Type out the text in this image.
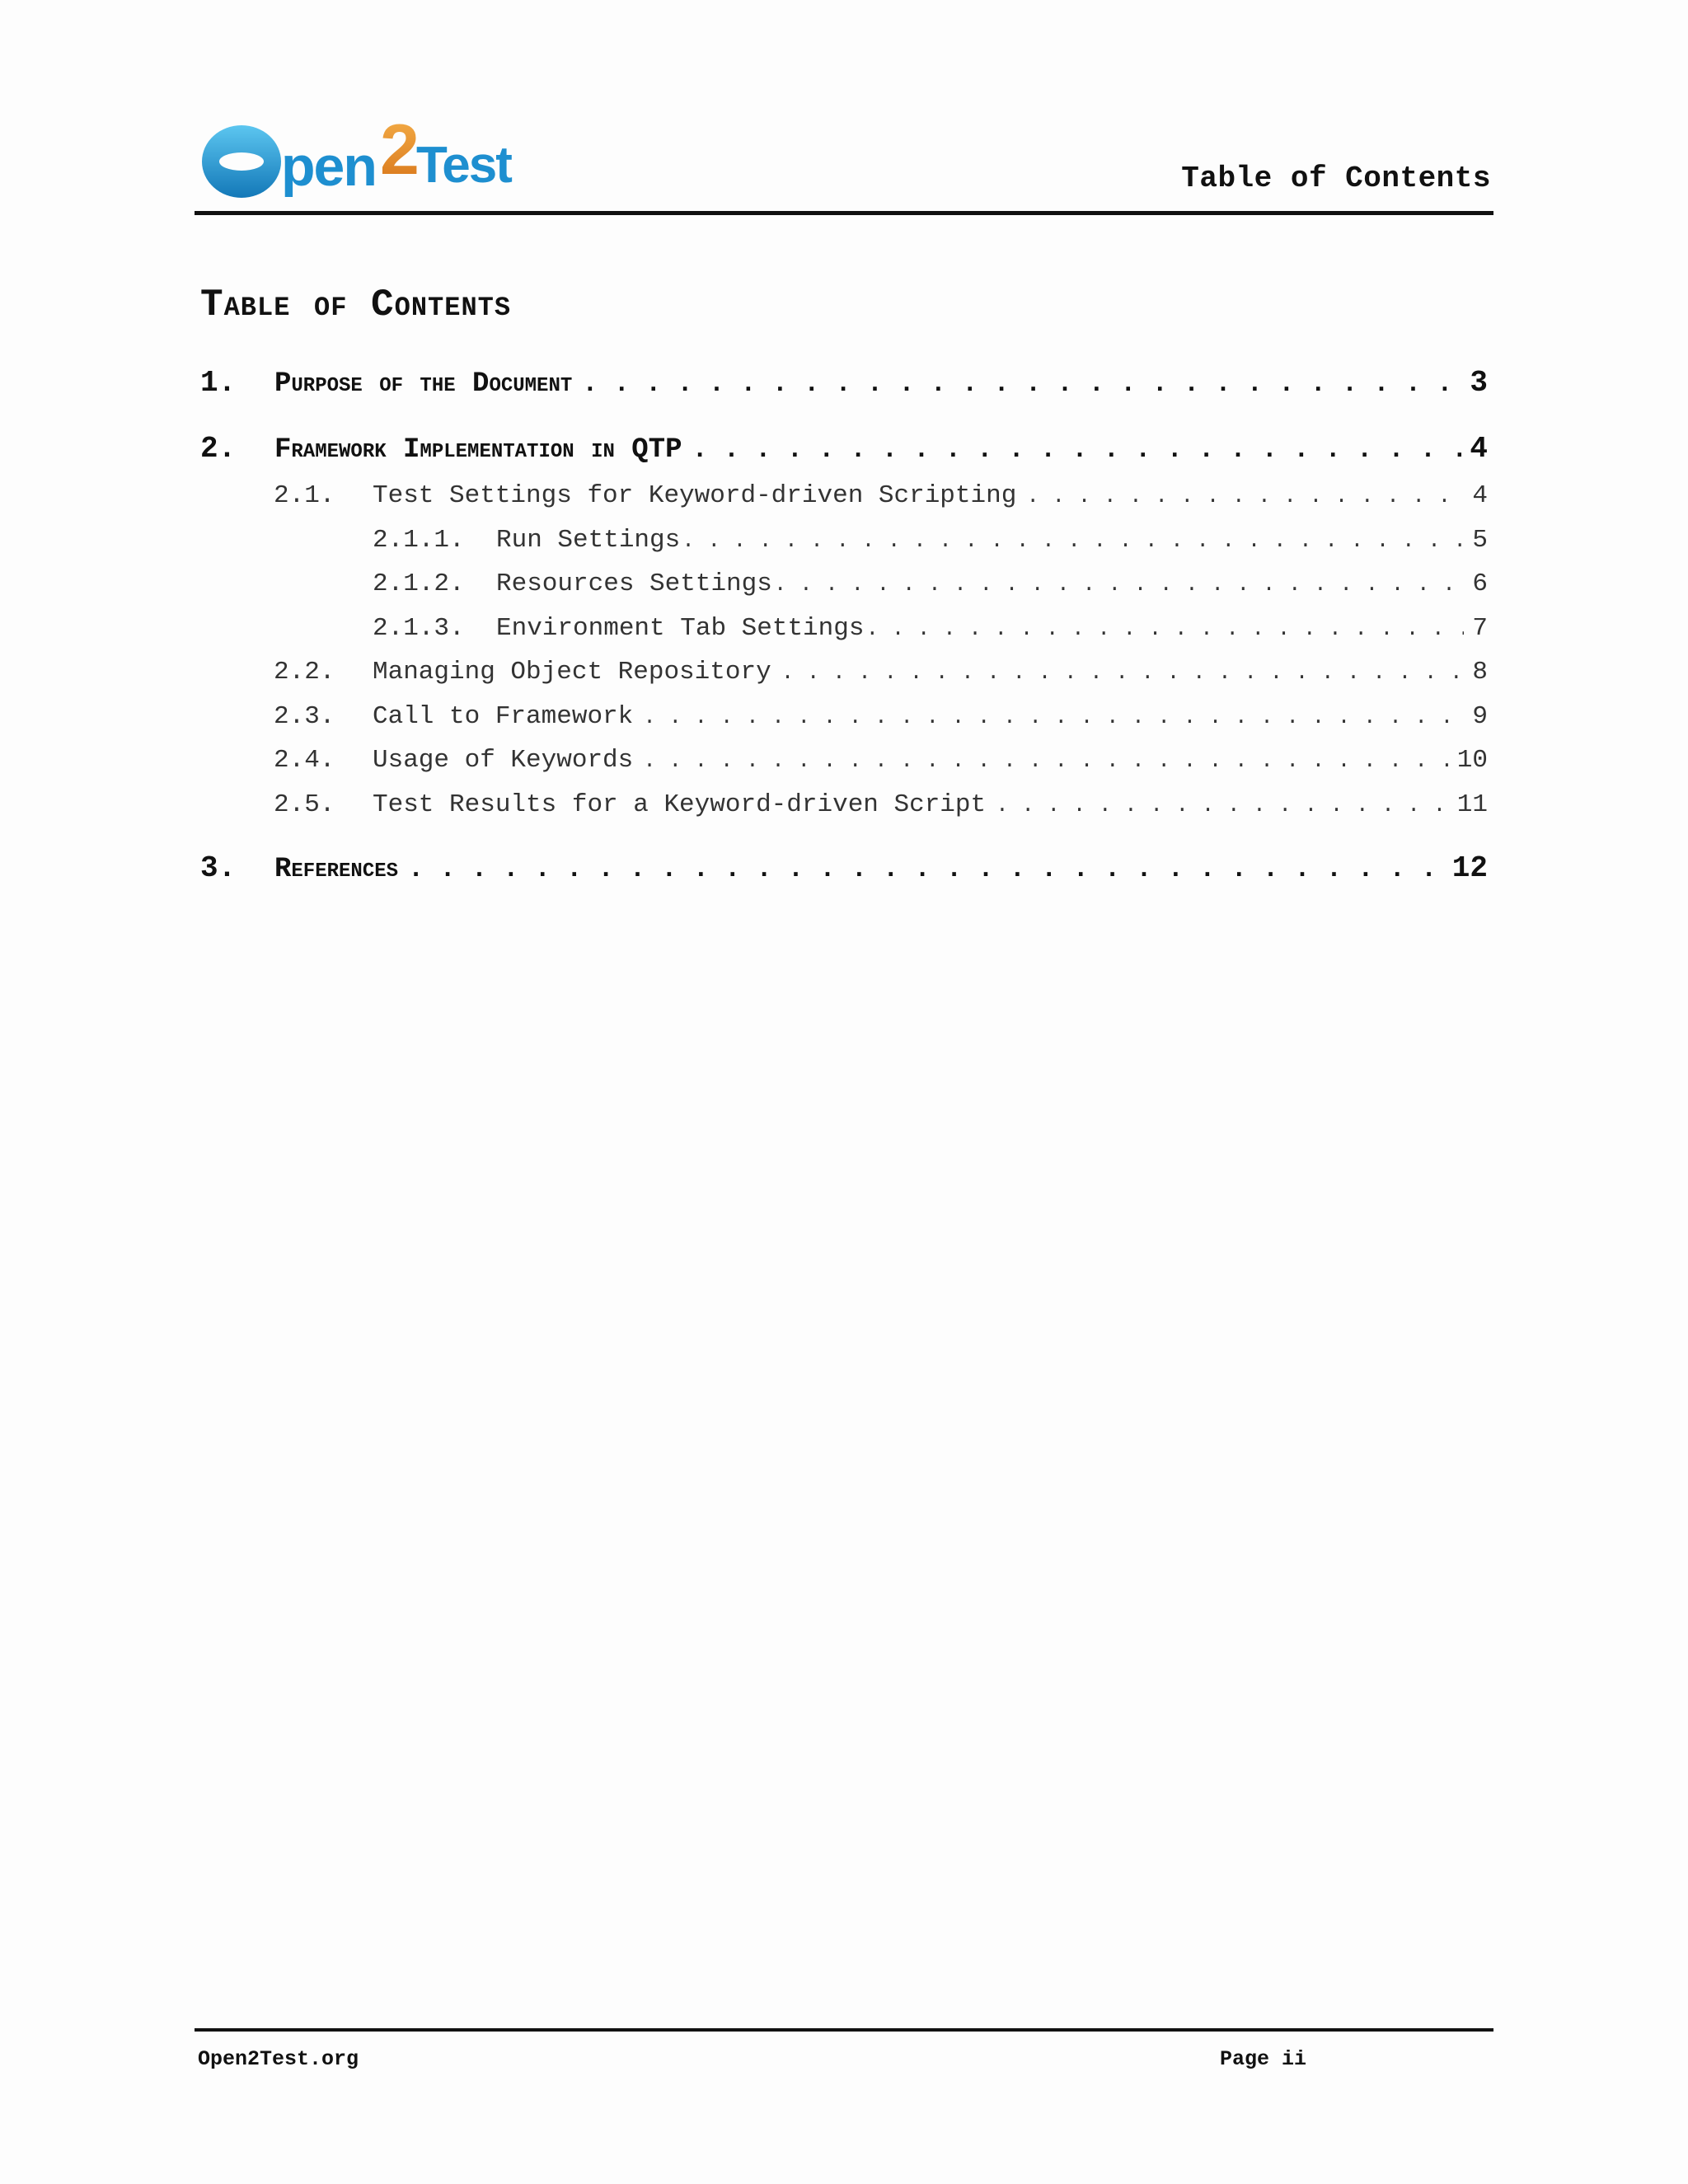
pen 2
Test	Table of Contents
Table of Contents
1.	Purpose of the Document . . .	3
2.	Framework Implementation in QTP . . .	4
2.1.	Test Settings for Keyword-driven Scripting . . .	4
2.1.1.	Run Settings . . .	5
2.1.2.	Resources Settings . . .	6
2.1.3.	Environment Tab Settings . . .	7
2.2.	Managing Object Repository . . .	8
2.3.	Call to Framework . . .	9
2.4.	Usage of Keywords . . .	10
2.5.	Test Results for a Keyword-driven Script . . .	11
3.	References . . .	12
Open2Test.org	Page ii
